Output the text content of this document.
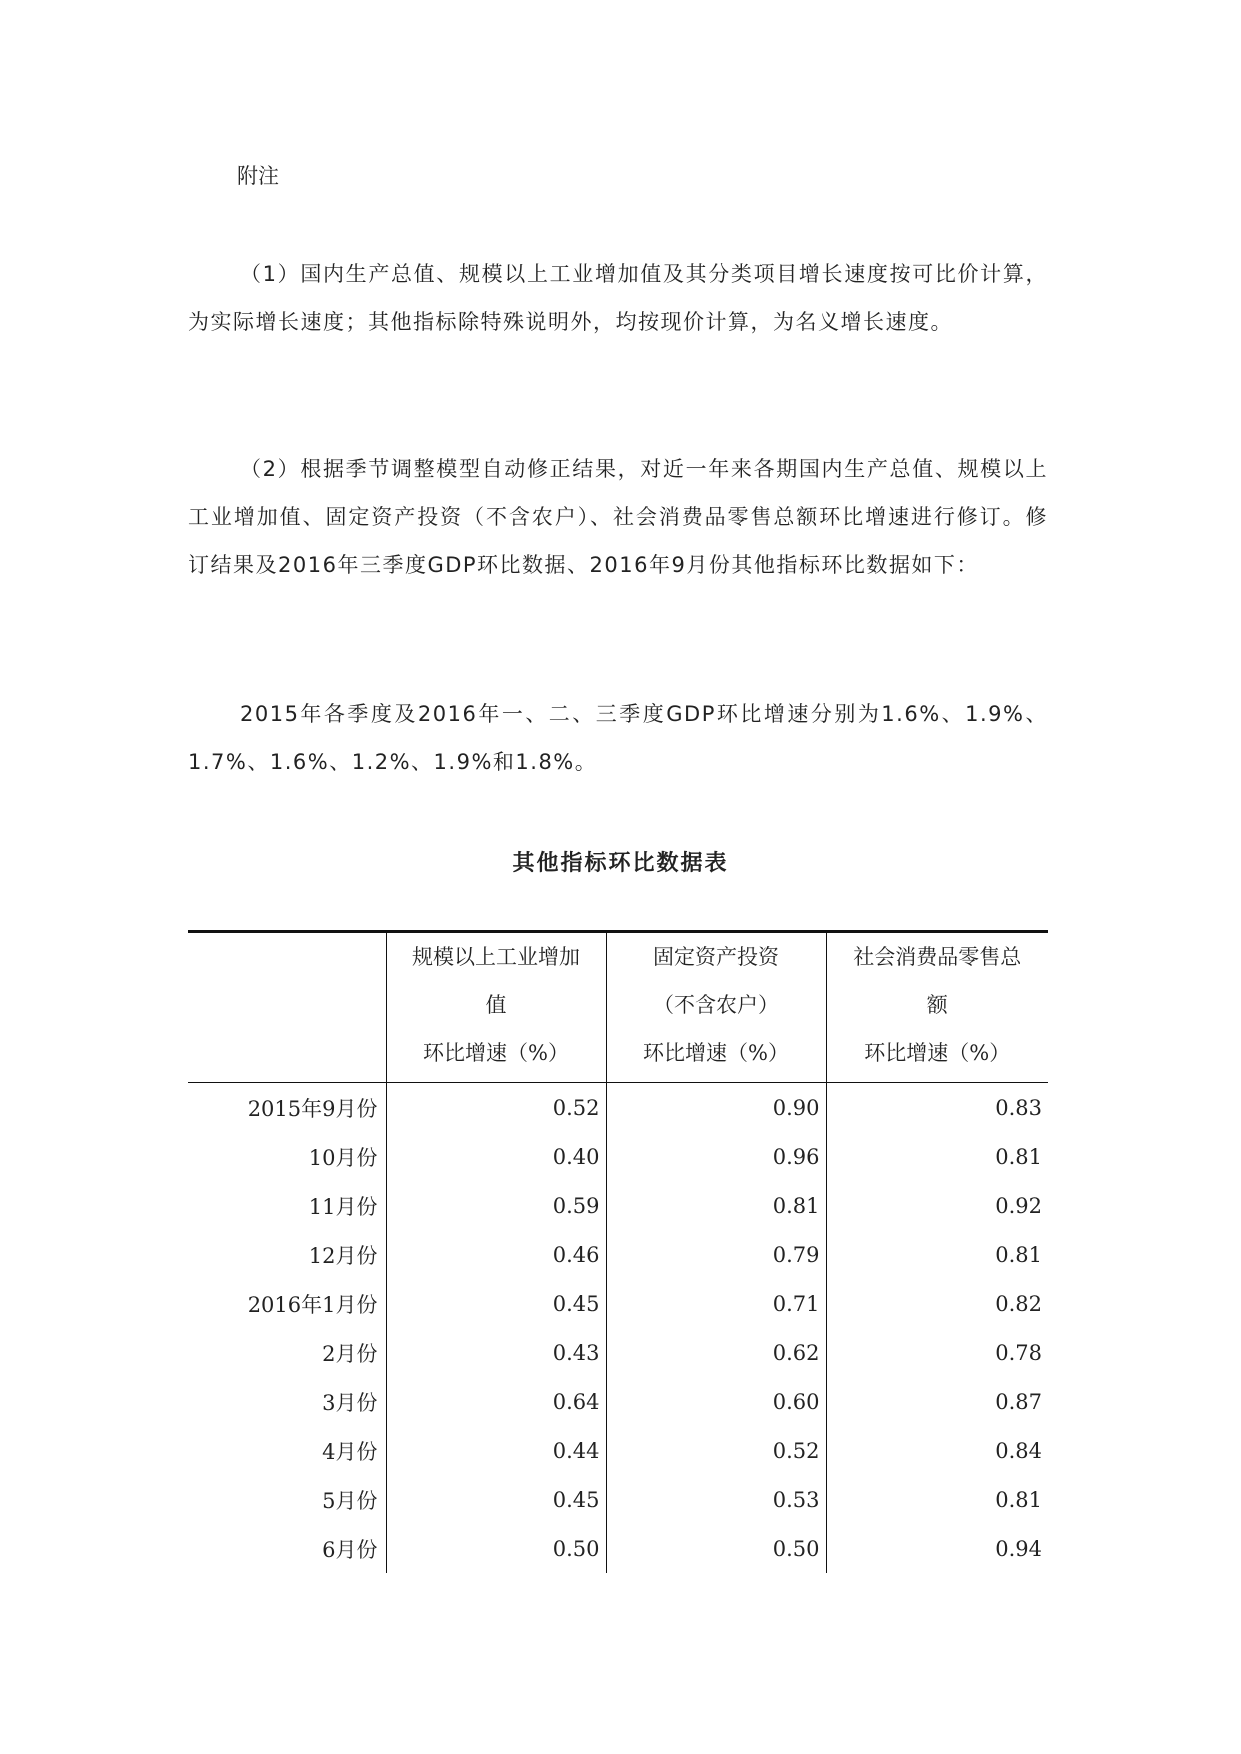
附注
（1）国内生产总值、规模以上工业增加值及其分类项目增长速度按可比价计算，为实际增长速度；其他指标除特殊说明外，均按现价计算，为名义增长速度。
（2）根据季节调整模型自动修正结果，对近一年来各期国内生产总值、规模以上工业增加值、固定资产投资（不含农户）、社会消费品零售总额环比增速进行修订。修订结果及2016年三季度GDP环比数据、2016年9月份其他指标环比数据如下：
2015年各季度及2016年一、二、三季度GDP环比增速分别为1.6%、1.9%、1.7%、1.6%、1.2%、1.9%和1.8%。
其他指标环比数据表

	规模以上工业增加
值
环比增速（%）	固定资产投资
（不含农户）
环比增速（%）	社会消费品零售总
额
环比增速（%）

2015年9月份	0.52	0.90	0.83
10月份	0.40	0.96	0.81
11月份	0.59	0.81	0.92
12月份	0.46	0.79	0.81
2016年1月份	0.45	0.71	0.82
2月份	0.43	0.62	0.78
3月份	0.64	0.60	0.87
4月份	0.44	0.52	0.84
5月份	0.45	0.53	0.81
6月份	0.50	0.50	0.94
